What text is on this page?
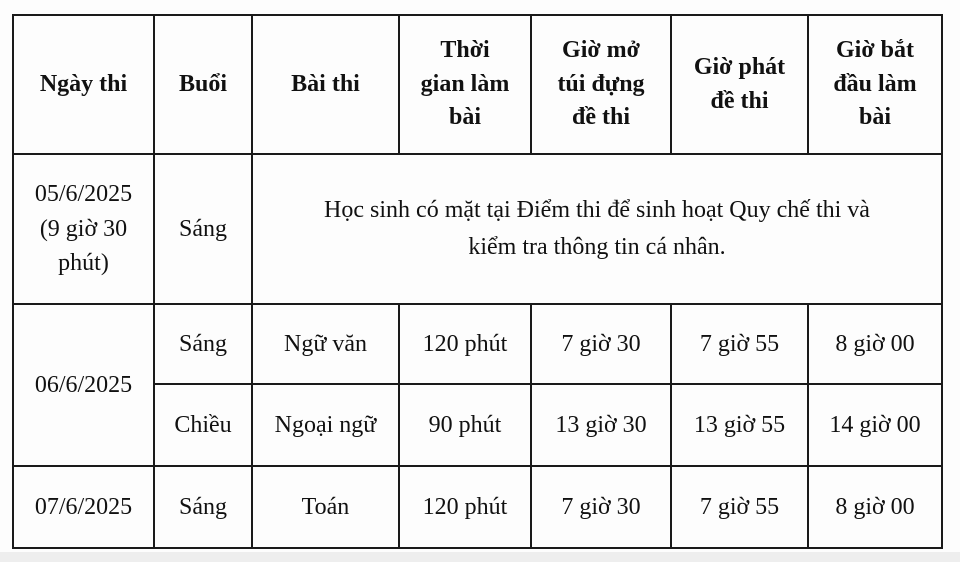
Ngày thi	Buổi	Bài thi	Thời
gian làm
bài	Giờ mở
túi đựng
đề thi	Giờ phát
đề thi	Giờ bắt
đầu làm
bài
05/6/2025
(9 giờ 30
phút)	Sáng	Học sinh có mặt tại Điểm thi để sinh hoạt Quy chế thi và
kiểm tra thông tin cá nhân.				
06/6/2025	Sáng	Ngữ văn	120 phút	7 giờ 30	7 giờ 55	8 giờ 00
	Chiều	Ngoại ngữ	90 phút	13 giờ 30	13 giờ 55	14 giờ 00
07/6/2025	Sáng	Toán	120 phút	7 giờ 30	7 giờ 55	8 giờ 00
